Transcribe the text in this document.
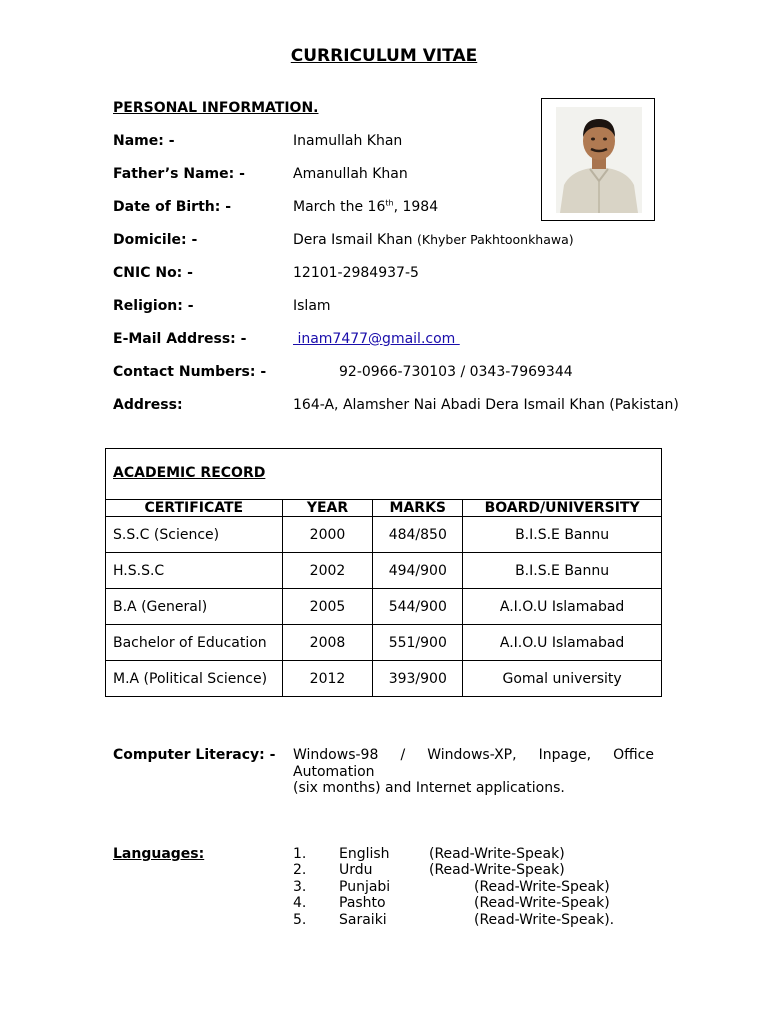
CURRICULUM VITAE
PERSONAL INFORMATION.
Name: -	Inamullah Khan
Father’s Name: -	Amanullah Khan
Date of Birth: -	March the 16th, 1984
Domicile: -	Dera Ismail Khan (Khyber Pakhtoonkhawa)
CNIC No: -	12101-2984937-5
Religion: -	Islam
E-Mail Address: -	inam7477@gmail.com
Contact Numbers: -	92-0966-730103 / 0343-7969344
Address:	164-A, Alamsher Nai Abadi Dera Ismail Khan (Pakistan)
ACADEMIC RECORD
CERTIFICATE	YEAR	MARKS	BOARD/UNIVERSITY
S.S.C (Science)	2000	484/850	B.I.S.E Bannu
H.S.S.C	2002	494/900	B.I.S.E Bannu
B.A (General)	2005	544/900	A.I.O.U Islamabad
Bachelor of Education	2008	551/900	A.I.O.U Islamabad
M.A (Political Science)	2012	393/900	Gomal university
Computer Literacy: - Windows-98 / Windows-XP, Inpage, Office
Automation
(six months) and Internet applications.
Languages:	1. English	(Read-Write-Speak)
2. Urdu	(Read-Write-Speak)
3. Punjabi	(Read-Write-Speak)
4. Pashto	(Read-Write-Speak)
5. Saraiki	(Read-Write-Speak).
